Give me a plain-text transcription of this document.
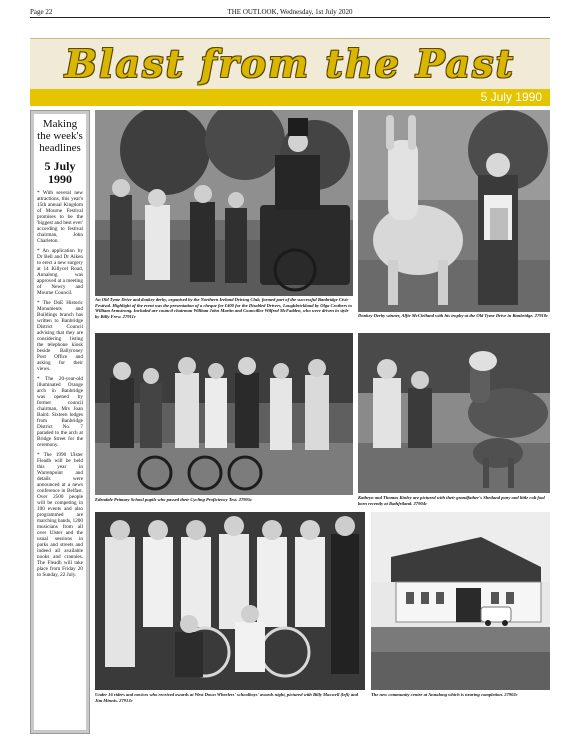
Page 22	THE OUTLOOK, Wednesday, 1st July 2020
Blast from the Past
5 July 1990
Making the week's headlines
5 July 1990

* With several new attractions, this year's 15th annual Kingdom of Mourne Festival promises to be the 'biggest and best ever' according to festival chairman, John Charleton.

* An application by Dr Bell and Dr Aiken to erect a new surgery at 14 Killycel Road, Annalong was approved at a meeting of Newry and Mourne Council.

* The DoE Historic Monuments and Buildings branch has written to Banbridge District Council advising that they are considering listing the telephone kiosk beside Ballyroney Post Office and asking for their views.

* The 20-year-old illuminated Orange arch in Banbridge was opened by former council chairman, Mrs Joan Baird. Sixteen lodges from Banbridge District No. 7 paraded to the arch at Bridge Street for the ceremony.

* The 1990 Ulster Fleadh will be held this year in Warrenpoint and details were announced at a news conference in Belfast. Over 2500 people will be competing in 100 events and also programmed are marching bands, 1200 musicians from all over Ulster and the usual sessions in parks and streets and indeed all available nooks and crannies. The Fleadh will take place from Friday 20 to Sunday, 22 July.

An Old Tyme Drive and donkey derby, organised by the Northern Ireland Driving Club, formed part of the successful Banbridge Civic Festival. Highlight of the event was the presentation of a cheque for £400 for the Disabled Drivers, Loughbrickland by Olga Crothers to William Armstrong. Included are council chairman William John Martin and Councillor Wilfred McFadden, who were driven in style by Billy Frew. 27911c	Donkey Derby winner, Alfie McClelland with his trophy at the Old Tyme Drive in Banbridge. 27910c
Edendale Primary School pupils who passed their Cycling Proficiency Test. 27905c	Kathryn and Thomas Kinley are pictured with their grandfather's Shetland pony and little colt foal born recently at Rathfriland. 27904c
Under 16 riders and novices who received awards at West Down Wheelers' schoolboys' awards night, pictured with Billy Maxwell (left) and Jim Minnis. 27913c
The new community centre at Annalong which is nearing completion. 27902c
